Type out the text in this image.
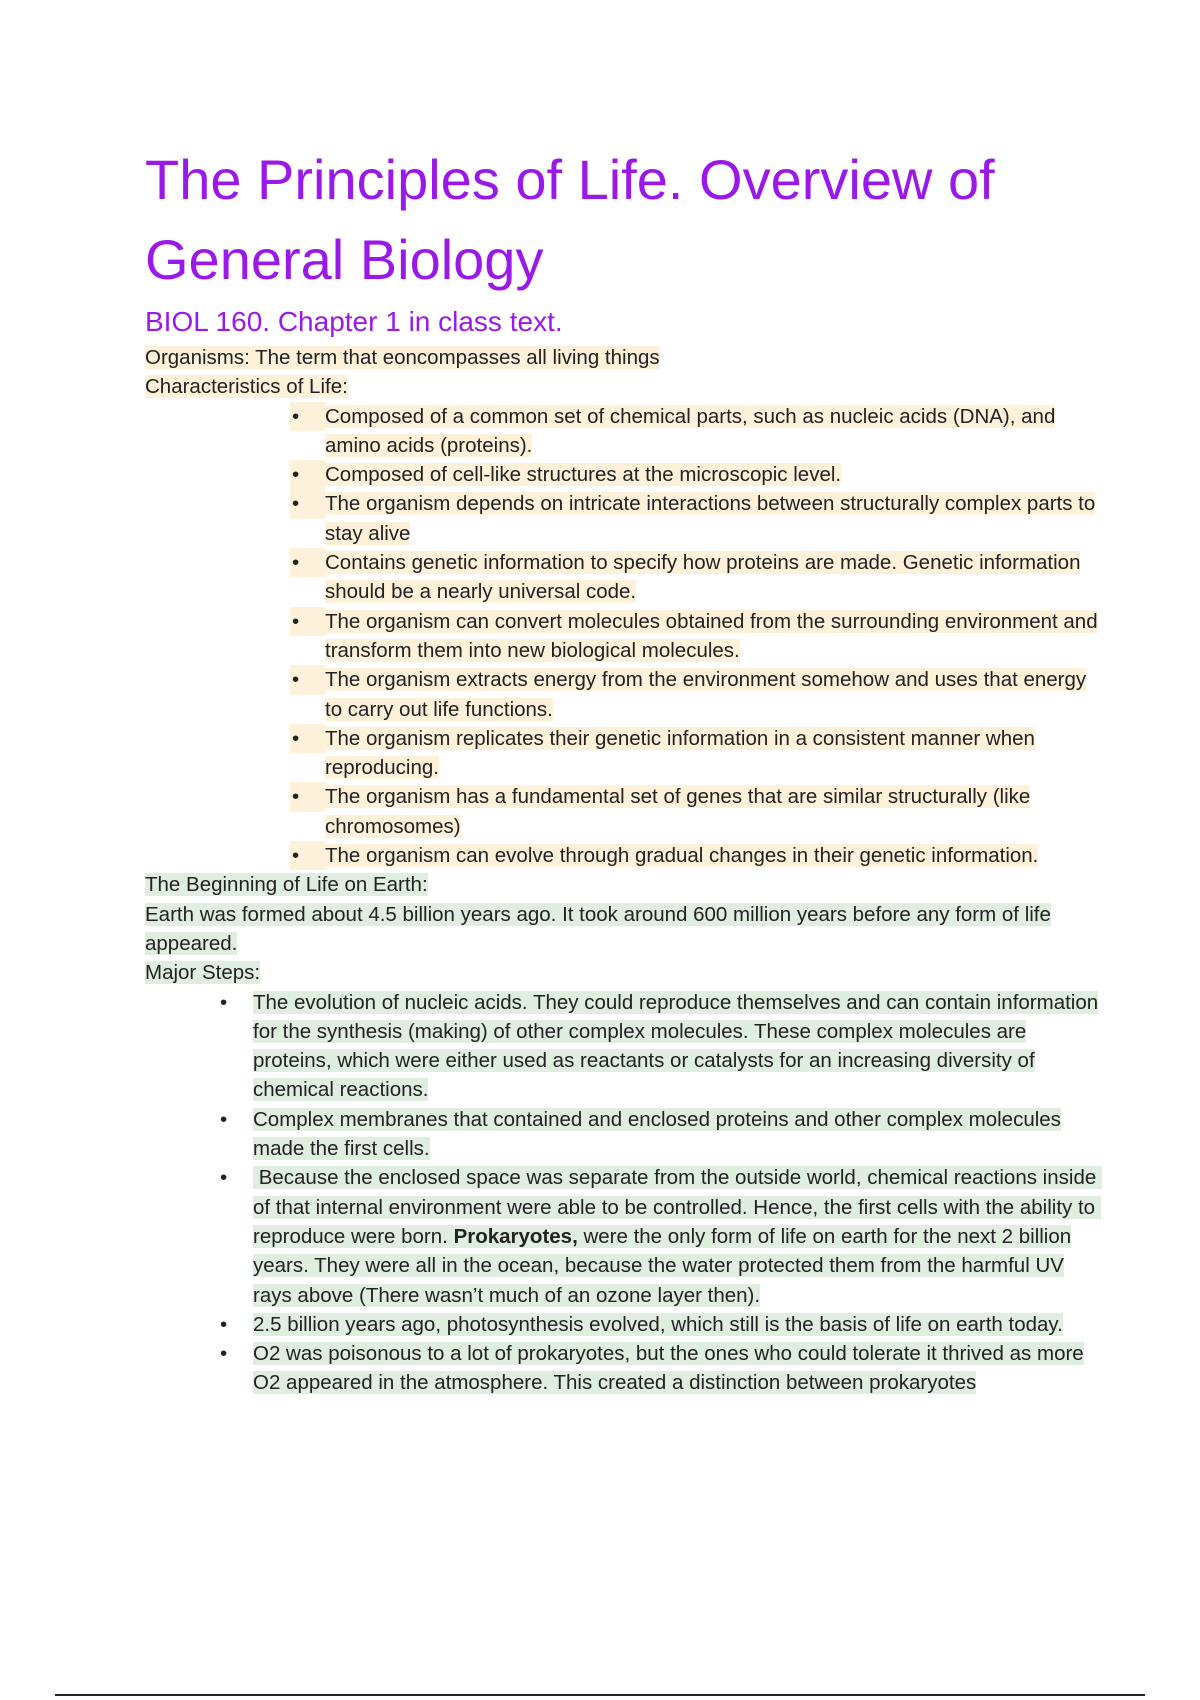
The Principles of Life. Overview of General Biology
BIOL 160. Chapter 1 in class text.

Organisms: The term that eoncompasses all living things

Characteristics of Life:

•	Composed of a common set of chemical parts, such as nucleic acids (DNA), and amino acids (proteins).
•	Composed of cell-like structures at the microscopic level.
•	The organism depends on intricate interactions between structurally complex parts to stay alive
•	Contains genetic information to specify how proteins are made. Genetic information should be a nearly universal code.
•	The organism can convert molecules obtained from the surrounding environment and transform them into new biological molecules.
•	The organism extracts energy from the environment somehow and uses that energy to carry out life functions.
•	The organism replicates their genetic information in a consistent manner when reproducing.
•	The organism has a fundamental set of genes that are similar structurally (like chromosomes)
•	The organism can evolve through gradual changes in their genetic information.

The Beginning of Life on Earth:

Earth was formed about 4.5 billion years ago. It took around 600 million years before any form of life appeared.

Major Steps:

•	The evolution of nucleic acids. They could reproduce themselves and can contain information for the synthesis (making) of other complex molecules. These complex molecules are proteins, which were either used as reactants or catalysts for an increasing diversity of chemical reactions.
•	Complex membranes that contained and enclosed proteins and other complex molecules made the first cells.
•	Because the enclosed space was separate from the outside world, chemical reactions inside of that internal environment were able to be controlled. Hence, the first cells with the ability to reproduce were born. Prokaryotes, were the only form of life on earth for the next 2 billion years. They were all in the ocean, because the water protected them from the harmful UV rays above (There wasn’t much of an ozone layer then).
•	2.5 billion years ago, photosynthesis evolved, which still is the basis of life on earth today.
•	O2 was poisonous to a lot of prokaryotes, but the ones who could tolerate it thrived as more O2 appeared in the atmosphere. This created a distinction between prokaryotes
